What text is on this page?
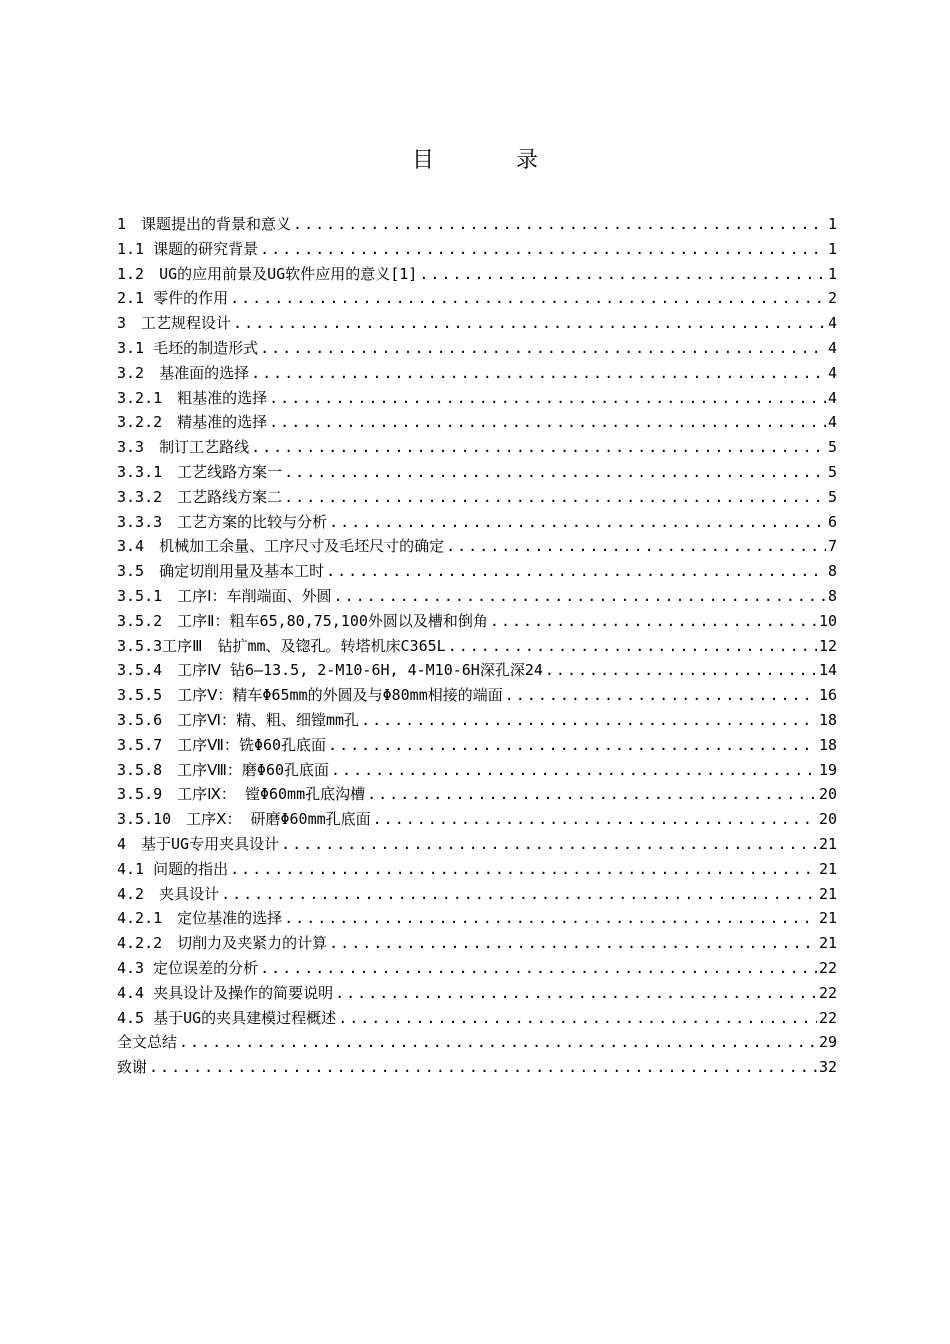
目　录
1　课题提出的背景和意义 .....	1
1.1 课题的研究背景 .....	1
1.2　UG的应用前景及UG软件应用的意义[1] .....	1
2.1 零件的作用 .....	2
3　工艺规程设计 .....	4
3.1 毛坯的制造形式 .....	4
3.2　基准面的选择 .....	4
3.2.1　粗基准的选择 .....	4
3.2.2　精基准的选择 .....	4
3.3　制订工艺路线 .....	5
3.3.1　工艺线路方案一 .....	5
3.3.2　工艺路线方案二 .....	5
3.3.3　工艺方案的比较与分析 .....	6
3.4　机械加工余量、工序尺寸及毛坯尺寸的确定 .....	7
3.5　确定切削用量及基本工时 .....	8
3.5.1　工序Ⅰ：车削端面、外圆 .....	8
3.5.2　工序Ⅱ：粗车65,80,75,100外圆以及槽和倒角 .....	10
3.5.3工序Ⅲ　钻扩mm、及锪孔。转塔机床C365L .....	12
3.5.4　工序Ⅳ 钻6—13.5, 2-M10-6H, 4-M10-6H深孔深24 .....	14
3.5.5　工序Ⅴ：精车Φ65mm的外圆及与Φ80mm相接的端面 .....	16
3.5.6　工序Ⅵ：精、粗、细镗mm孔 .....	18
3.5.7　工序Ⅶ：铣Φ60孔底面 .....	18
3.5.8　工序Ⅷ：磨Φ60孔底面 .....	19
3.5.9　工序Ⅸ： 镗Φ60mm孔底沟槽 .....	20
3.5.10　工序Ⅹ： 研磨Φ60mm孔底面 .....	20
4　基于UG专用夹具设计 .....	21
4.1 问题的指出 .....	21
4.2　夹具设计 .....	21
4.2.1　定位基准的选择 .....	21
4.2.2　切削力及夹紧力的计算 .....	21
4.3 定位误差的分析 .....	22
4.4 夹具设计及操作的简要说明 .....	22
4.5 基于UG的夹具建模过程概述 .....	22
全文总结 .....	29
致谢 .....	32
